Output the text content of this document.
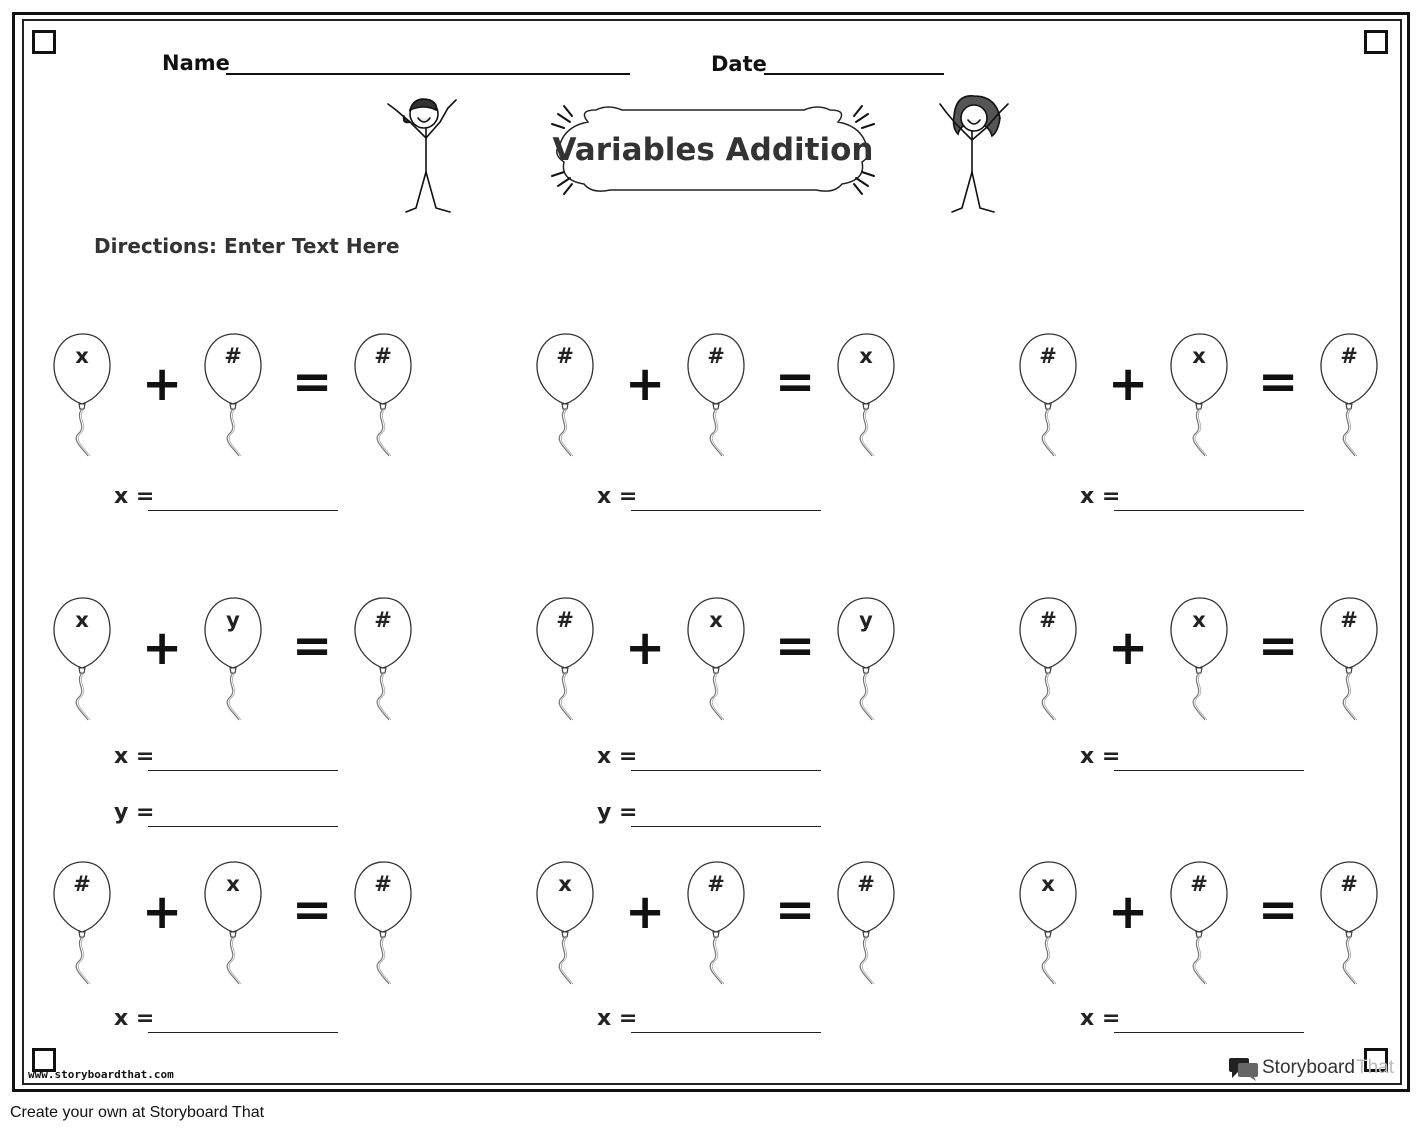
Name	Date
Variables Addition
Directions: Enter Text Here
x	#	#
+ =
x =
#	#	x
+ =
x =
#	x	#
+ =
x =
x	y	#
+ =
x =
y =
#	x	y
+ =
x =
y =
#	x	#
+ =
x =
#	x	#
+ =
x =
x	#	#
+ =
x =
x	#	#
+ =
x =
www.storyboardthat.com	Storyboard That
Create your own at Storyboard That
